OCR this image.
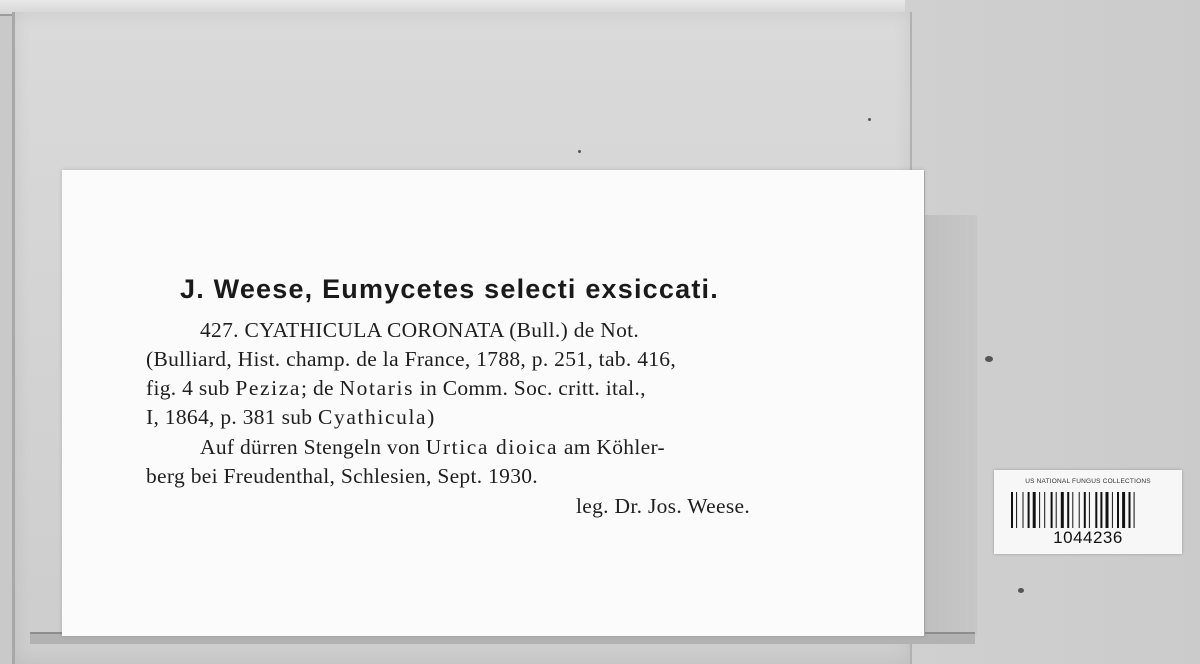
J. Weese, Eumycetes selecti exsiccati.
427. CYATHICULA CORONATA (Bull.) de Not.
(Bulliard, Hist. champ. de la France, 1788, p. 251, tab. 416,
fig. 4 sub Peziza; de Notaris in Comm. Soc. critt. ital.,
I, 1864, p. 381 sub Cyathicula)
Auf dürren Stengeln von Urtica dioica am Köhler-
berg bei Freudenthal, Schlesien, Sept. 1930.
leg. Dr. Jos. Weese.
US NATIONAL FUNGUS COLLECTIONS
1044236
